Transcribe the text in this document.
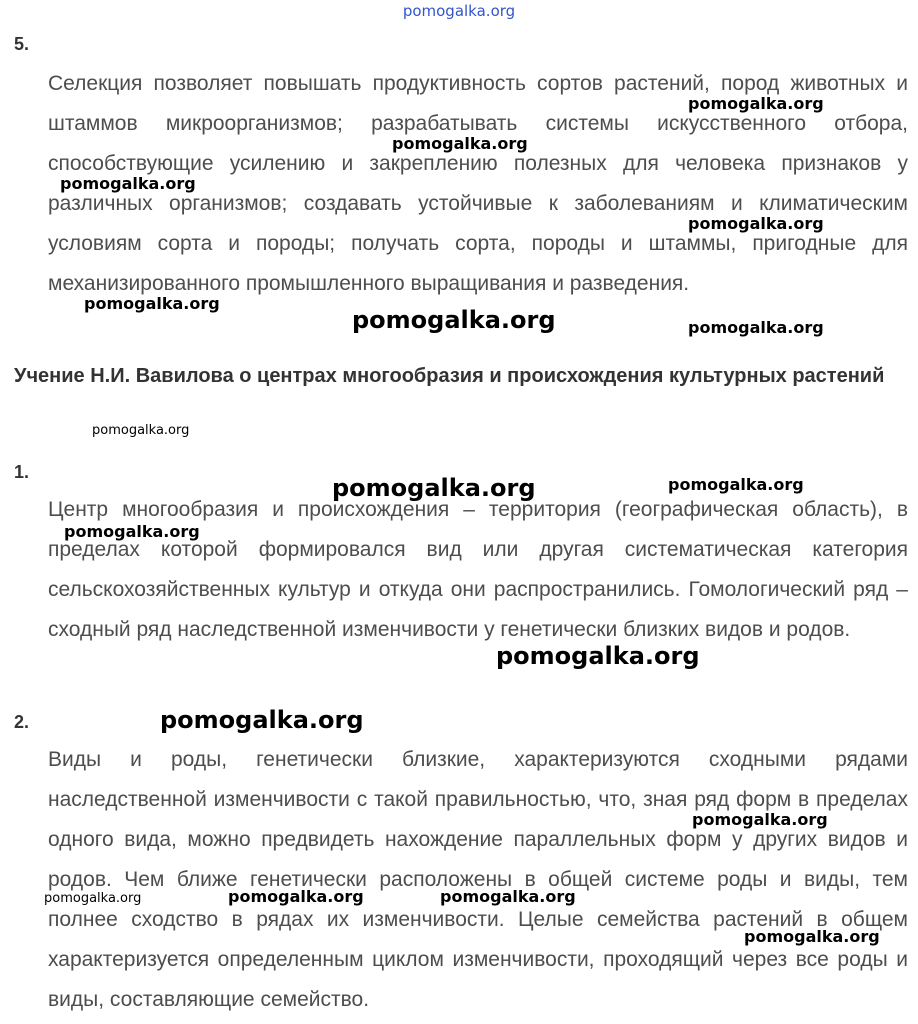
pomogalka.org
5.

Селекция позволяет повышать продуктивность сортов растений, пород животных и штаммов микроорганизмов; разрабатывать системы искусственного отбора, способствующие усилению и закреплению полезных для человека признаков у различных организмов; создавать устойчивые к заболеваниям и климатическим условиям сорта и породы; получать сорта, породы и штаммы, пригодные для механизированного промышленного выращивания и разведения.

Учение Н.И. Вавилова о центрах многообразия и происхождения культурных растений
1.

Центр многообразия и происхождения – территория (географическая область), в пределах которой формировался вид или другая систематическая категория сельскохозяйственных культур и откуда они распространились. Гомологический ряд – сходный ряд наследственной изменчивости у генетически близких видов и родов.

2.

Виды и роды, генетически близкие, характеризуются сходными рядами наследственной изменчивости с такой правильностью, что, зная ряд форм в пределах одного вида, можно предвидеть нахождение параллельных форм у других видов и родов. Чем ближе генетически расположены в общей системе роды и виды, тем полнее сходство в рядах их изменчивости. Целые семейства растений в общем характеризуется определенным циклом изменчивости, проходящий через все роды и виды, составляющие семейство.

pomogalka.org
pomogalka.org
pomogalka.org
pomogalka.org
pomogalka.org
pomogalka.org	pomogalka.org
pomogalka.org
pomogalka.org	pomogalka.org
pomogalka.org
pomogalka.org
pomogalka.org
pomogalka.org
pomogalka.org	pomogalka.org	pomogalka.org
pomogalka.org
